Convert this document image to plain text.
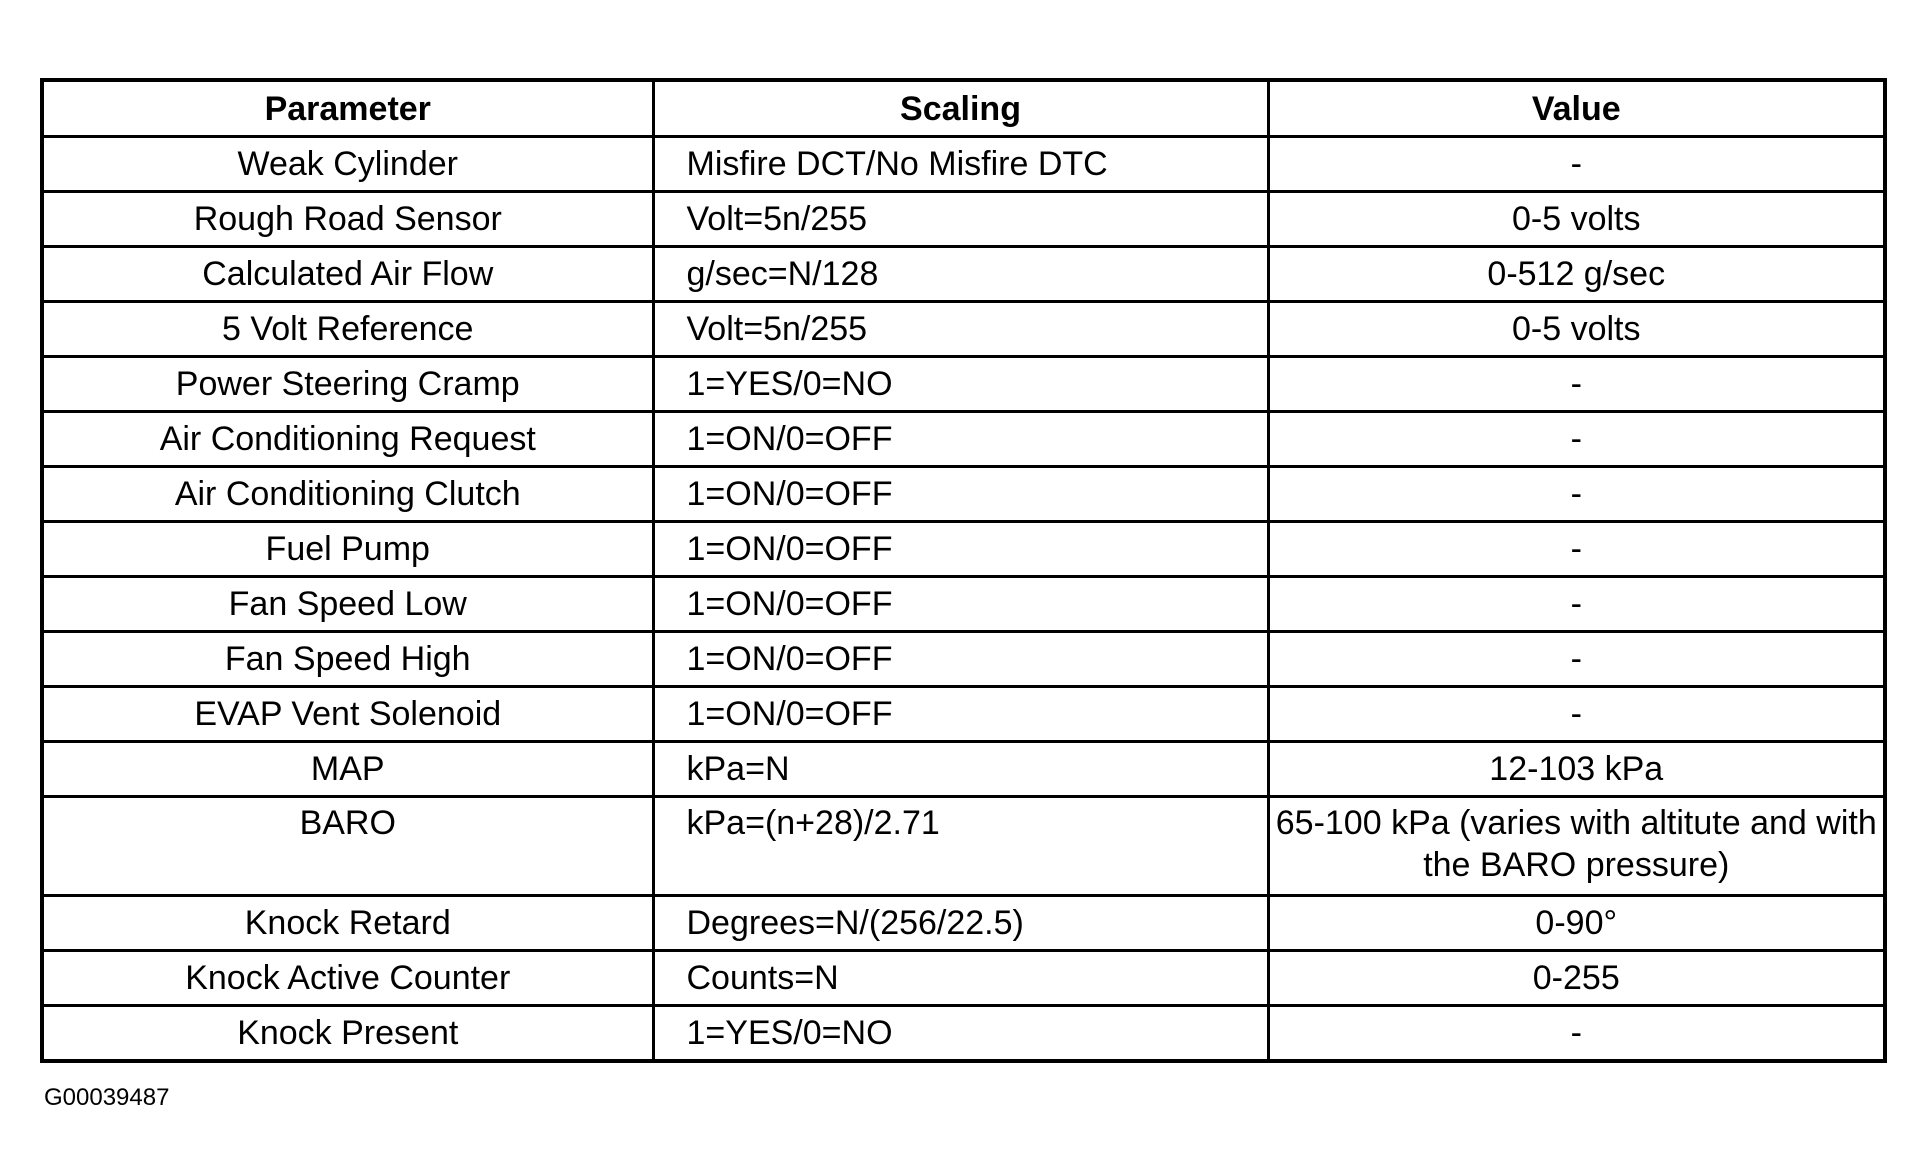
Parameter	Scaling	Value
Weak Cylinder	Misfire DCT/No Misfire DTC	-
Rough Road Sensor	Volt=5n/255	0-5 volts
Calculated Air Flow	g/sec=N/128	0-512 g/sec
5 Volt Reference	Volt=5n/255	0-5 volts
Power Steering Cramp	1=YES/0=NO	-
Air Conditioning Request	1=ON/0=OFF	-
Air Conditioning Clutch	1=ON/0=OFF	-
Fuel Pump	1=ON/0=OFF	-
Fan Speed Low	1=ON/0=OFF	-
Fan Speed High	1=ON/0=OFF	-
EVAP Vent Solenoid	1=ON/0=OFF	-
MAP	kPa=N	12-103 kPa
BARO	kPa=(n+28)/2.71	65-100 kPa (varies with altitute and with the BARO pressure)
Knock Retard	Degrees=N/(256/22.5)	0-90°
Knock Active Counter	Counts=N	0-255
Knock Present	1=YES/0=NO	-
G00039487
